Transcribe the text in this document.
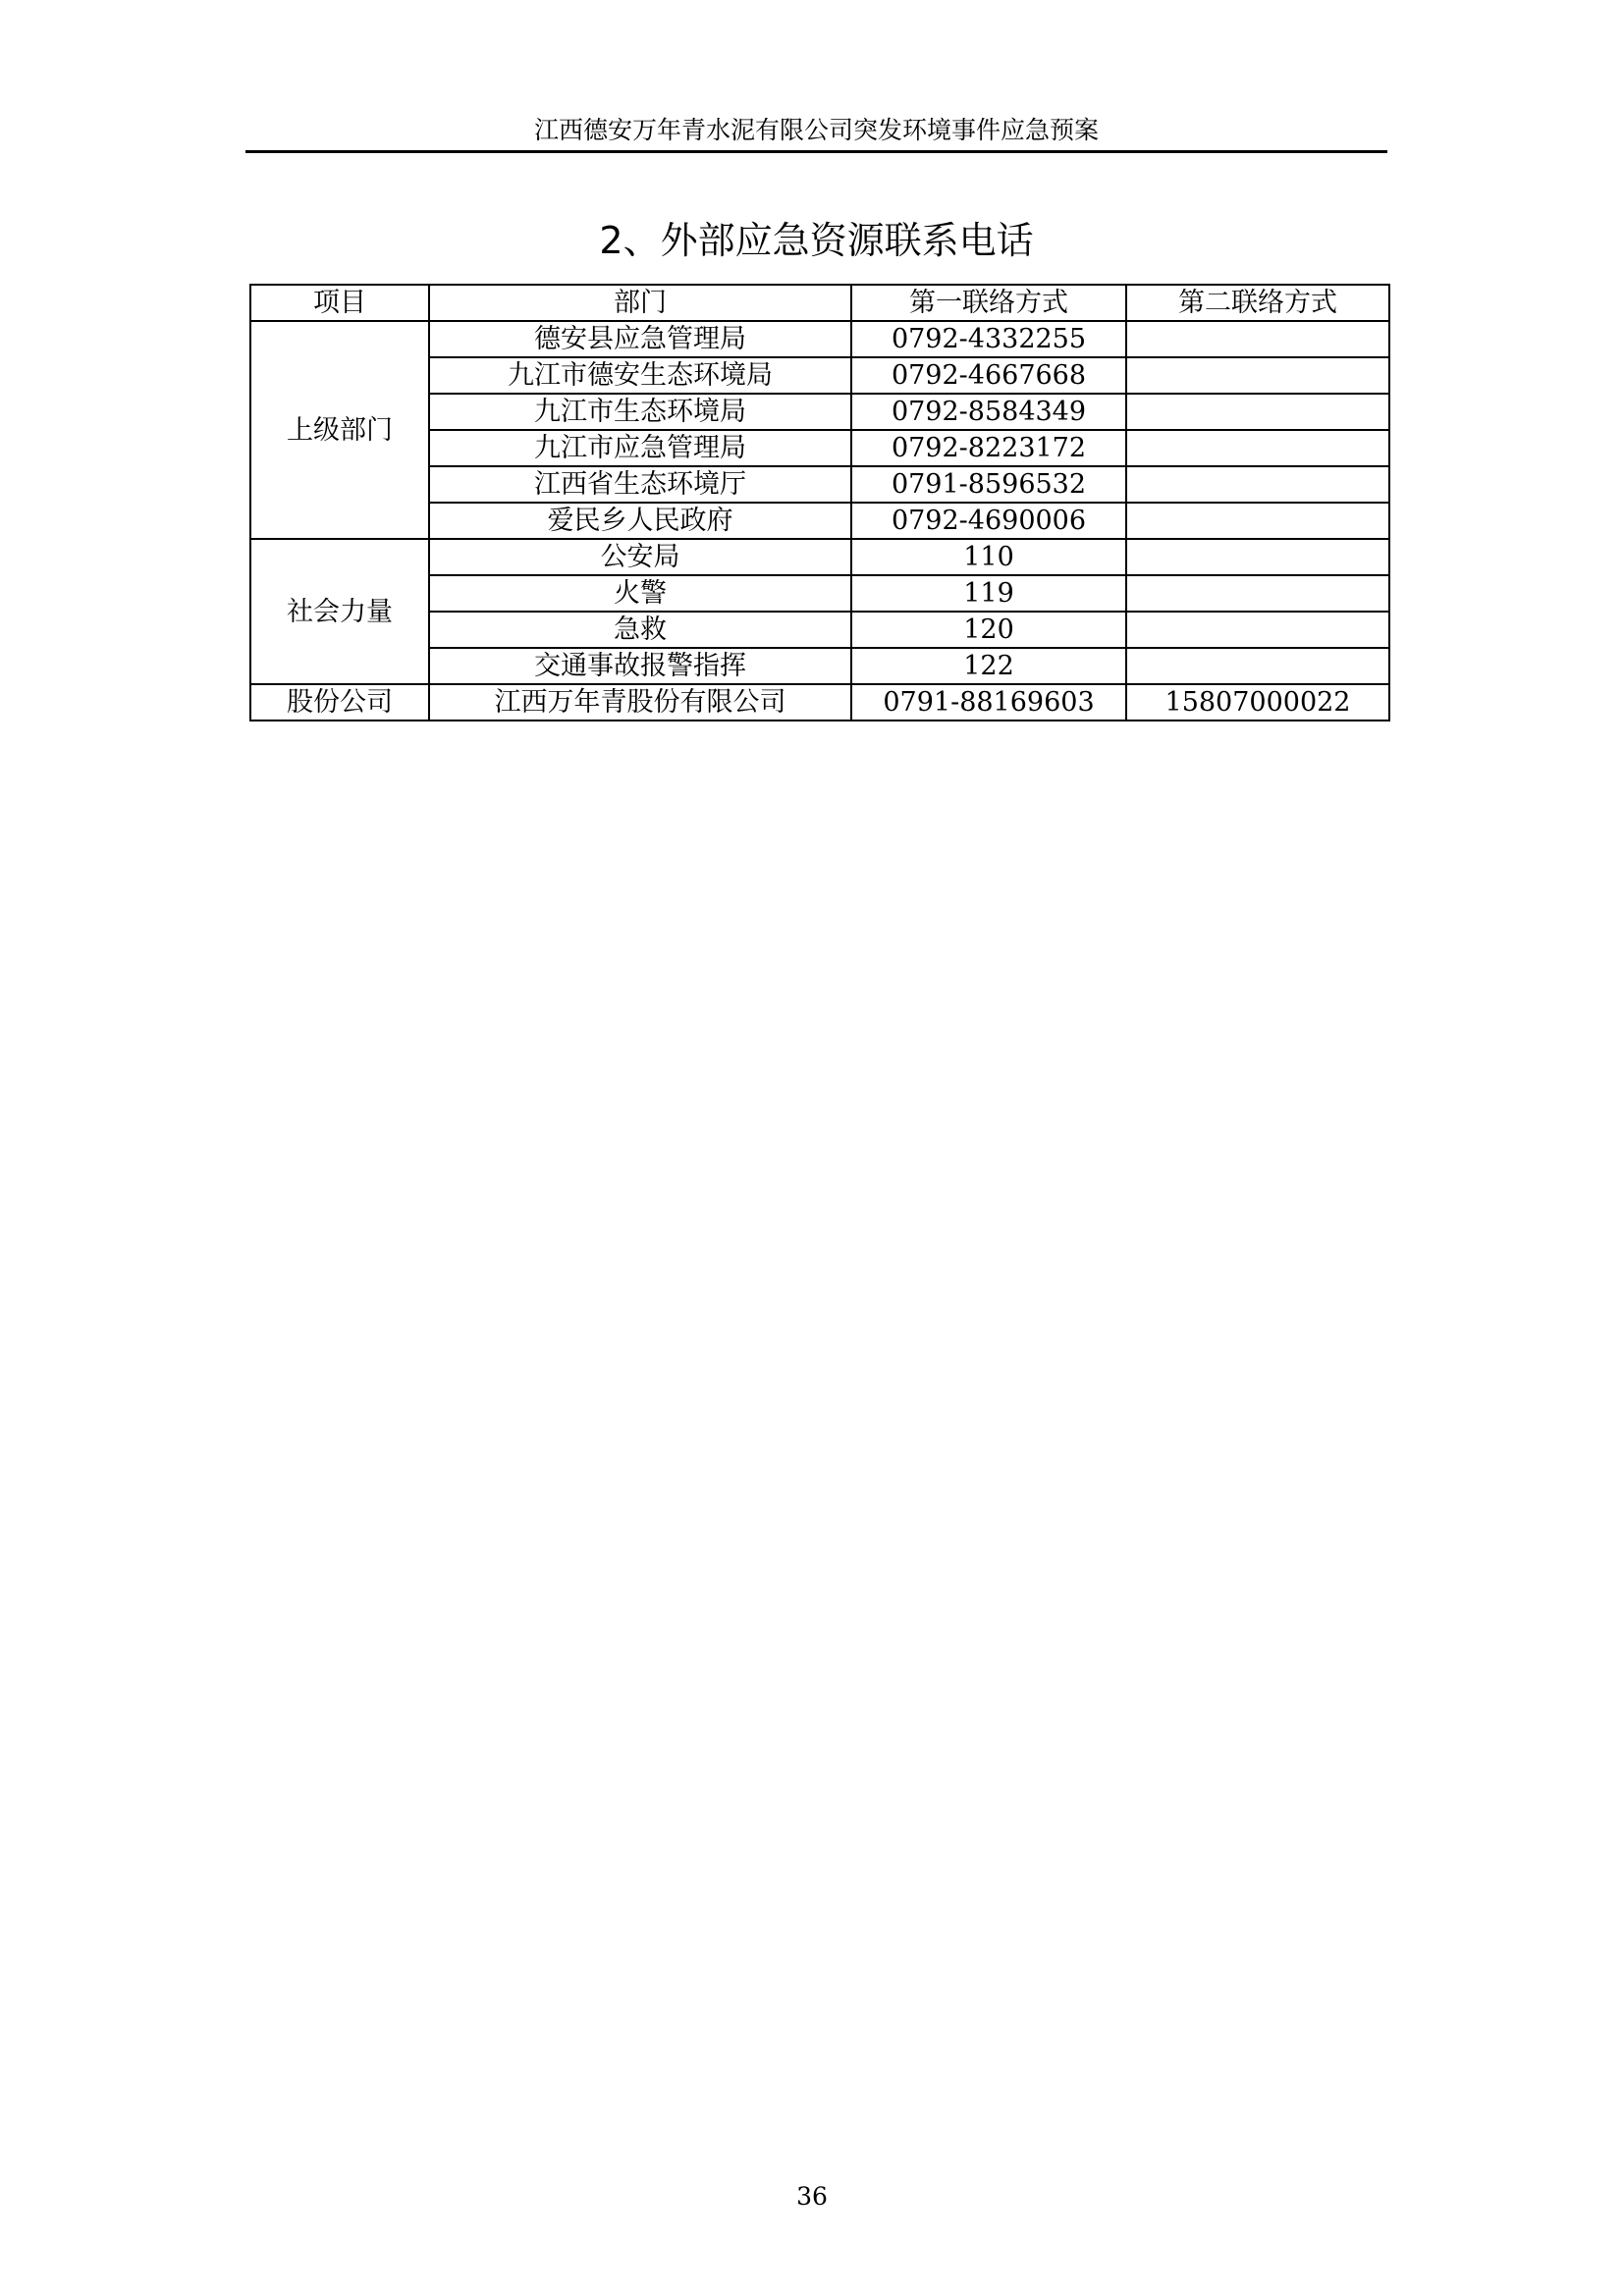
江西德安万年青水泥有限公司突发环境事件应急预案
2、外部应急资源联系电话
项目	部门	第一联络方式	第二联络方式
上级部门	德安县应急管理局	0792-4332255	
	九江市德安生态环境局	0792-4667668	
	九江市生态环境局	0792-8584349	
	九江市应急管理局	0792-8223172	
	江西省生态环境厅	0791-8596532	
	爱民乡人民政府	0792-4690006	
社会力量	公安局	110	
	火警	119	
	急救	120	
	交通事故报警指挥	122	
股份公司	江西万年青股份有限公司	0791-88169603	15807000022
36
